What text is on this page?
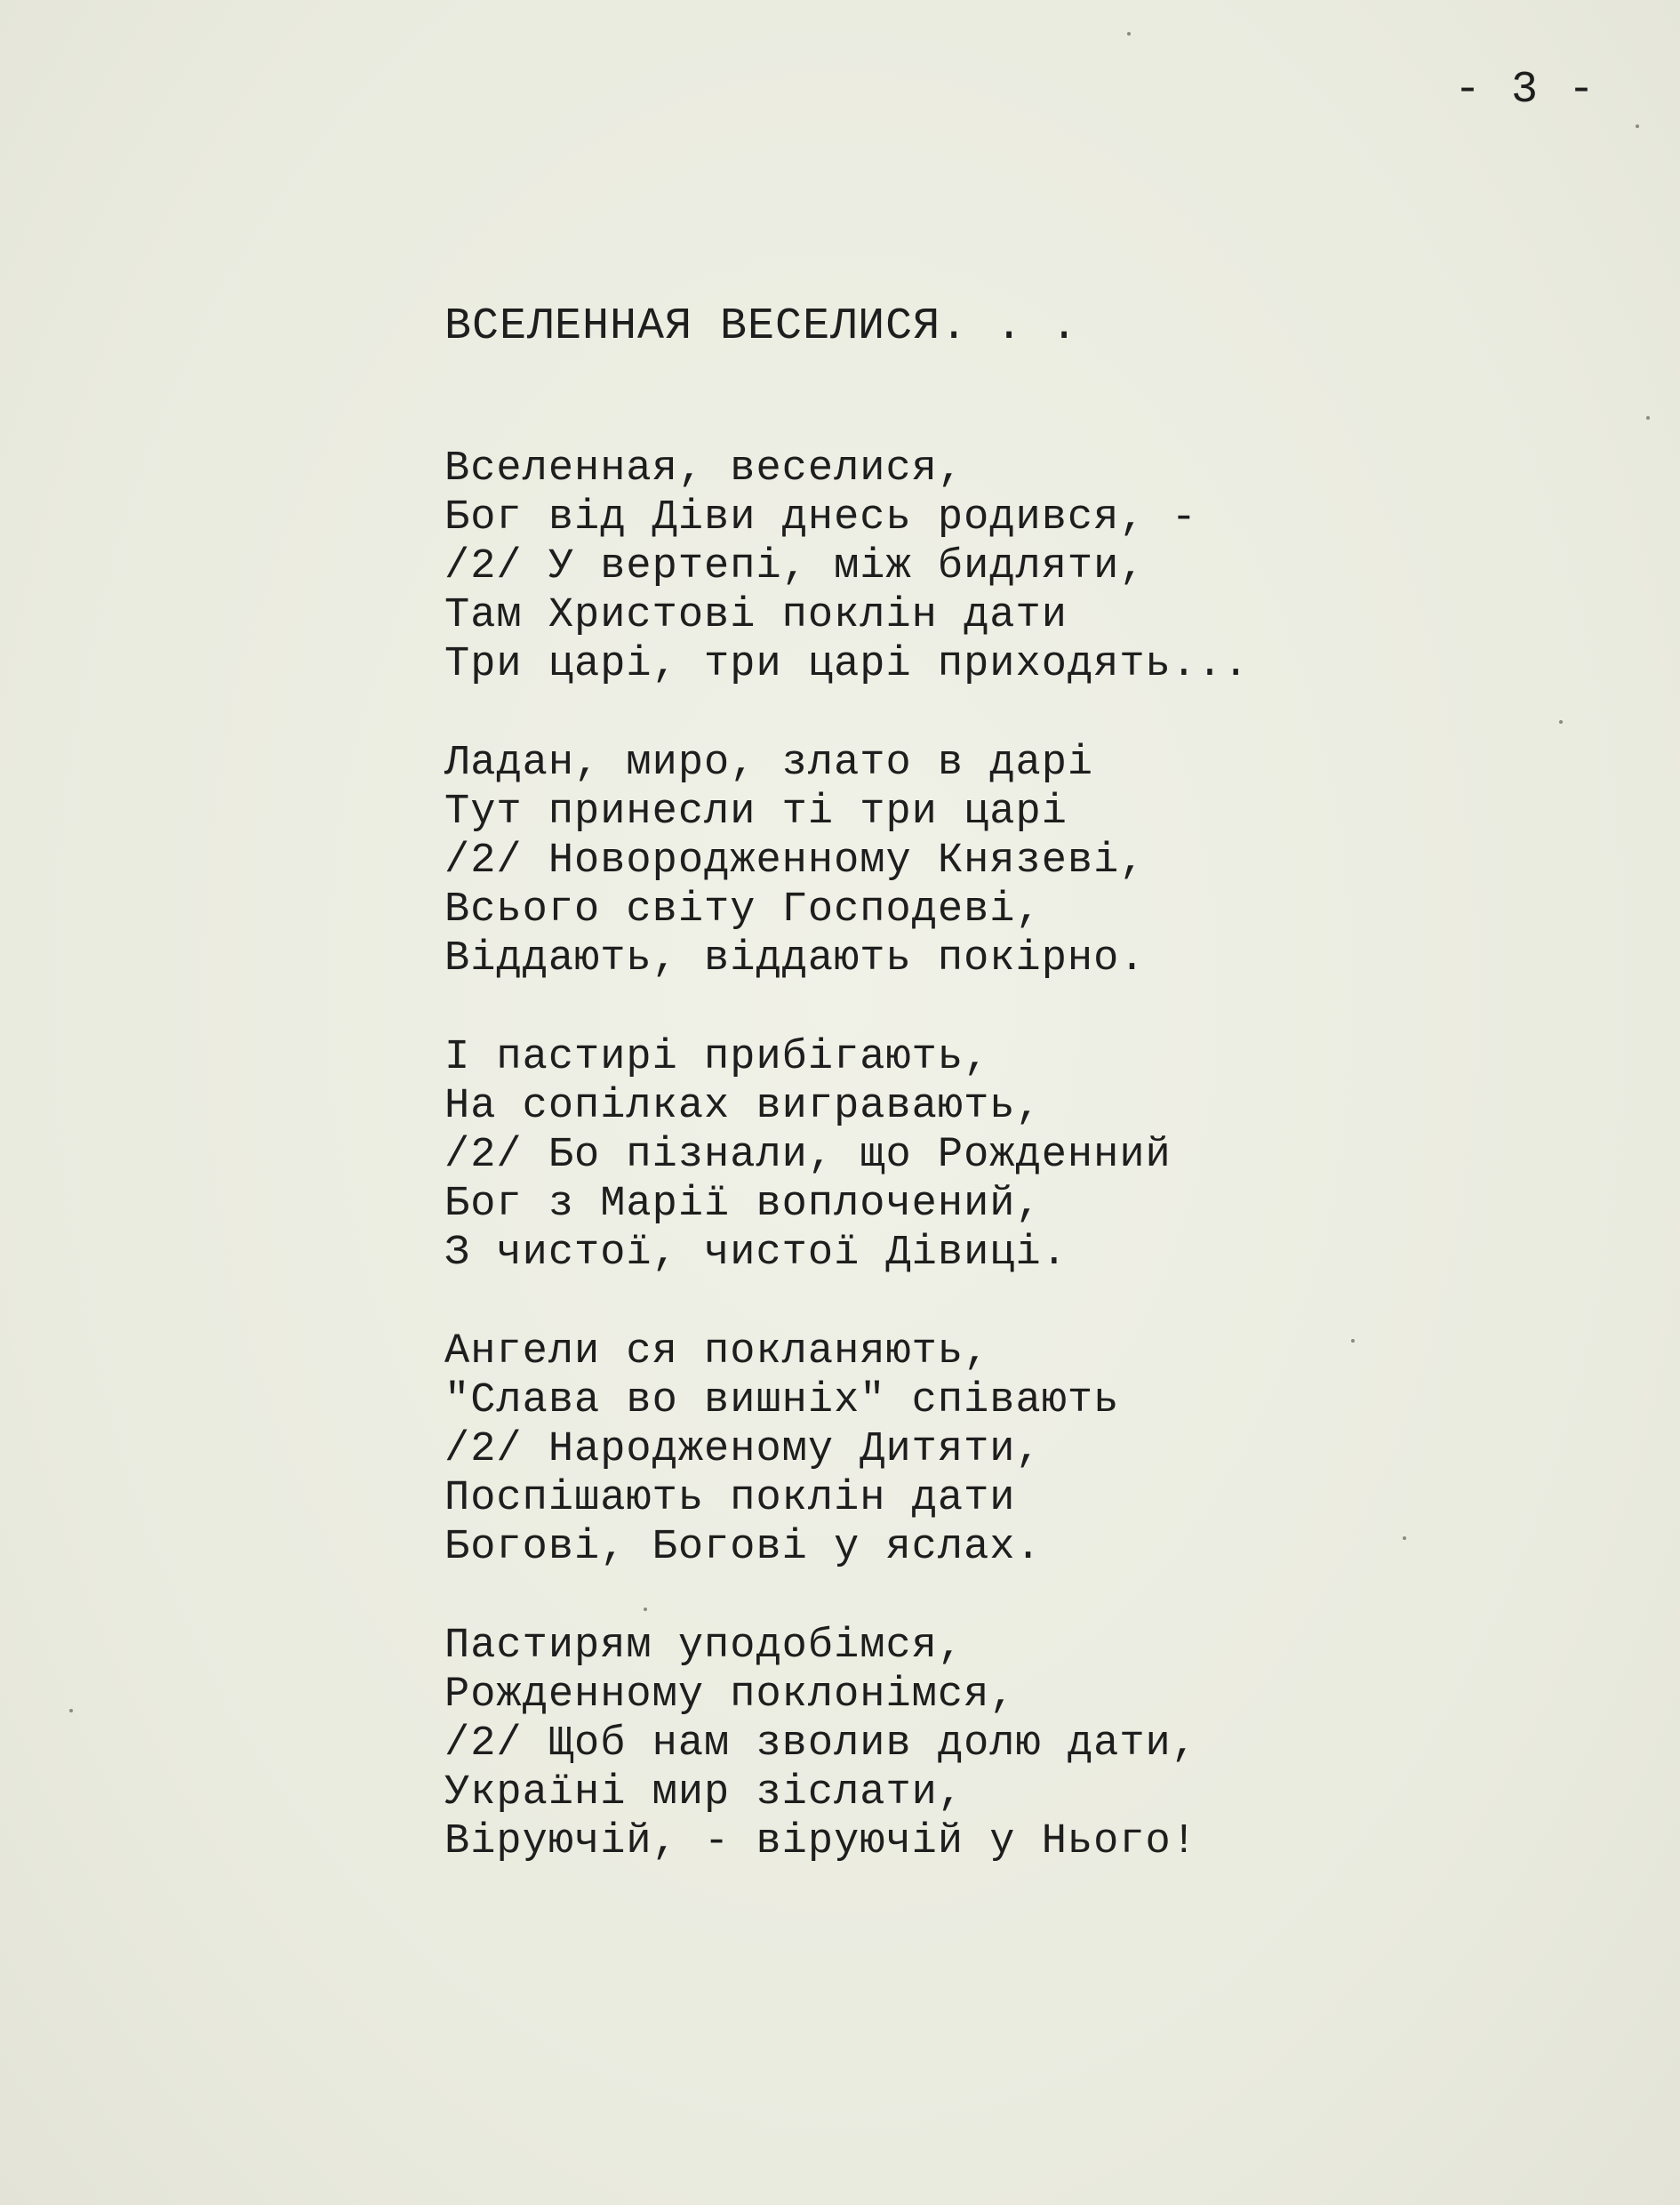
- 3 -
ВСЕЛЕННАЯ ВЕСЕЛИСЯ. . .
Вселенная, веселися,
Бог від Діви днесь родився, -
/2/ У вертепі, між бидляти,
Там Христові поклін дати
Три царі, три царі приходять...
Ладан, миро, злато в дарі
Тут принесли ті три царі
/2/ Новородженному Князеві,
Всього світу Господеві,
Віддають, віддають покірно.
І пастирі прибігають,
На сопілках вигравають,
/2/ Бо пізнали, що Рожденний
Бог з Марії воплочений,
З чистої, чистої Дівиці.
Ангели ся покланяють,
"Слава во вишніх" співають
/2/ Народженому Дитяти,
Поспішають поклін дати
Богові, Богові у яслах.
Пастирям уподобімся,
Рожденному поклонімся,
/2/ Щоб нам зволив долю дати,
Україні мир зіслати,
Віруючій, - віруючій у Нього!
